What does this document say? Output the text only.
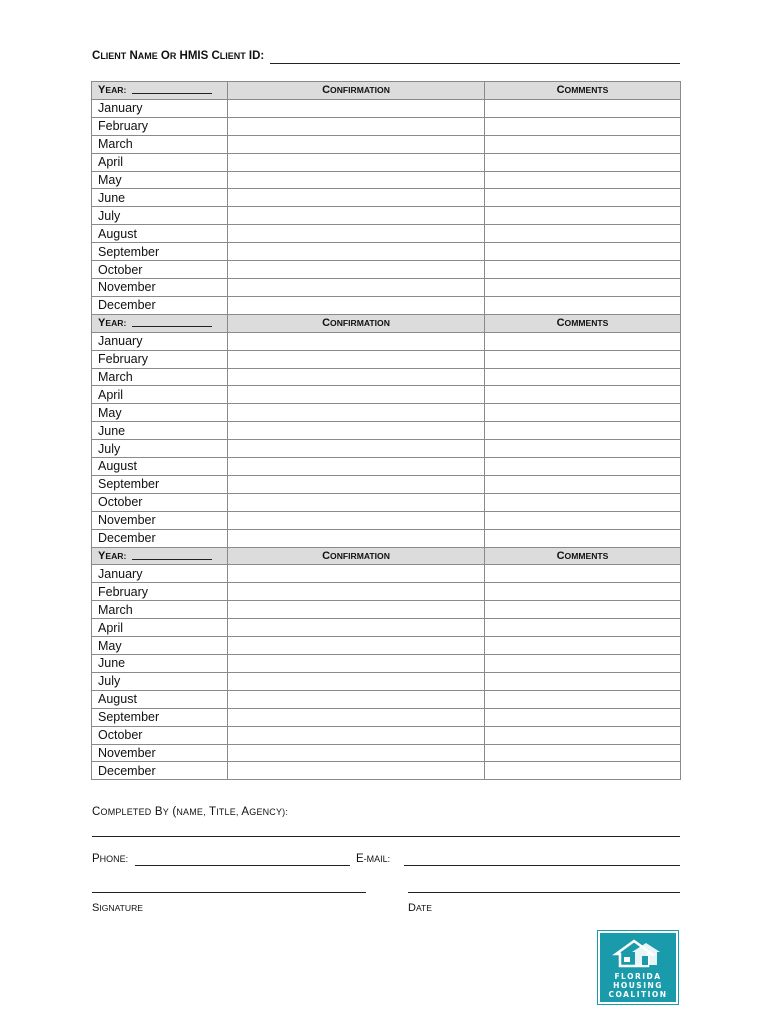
CLIENT NAME OR HMIS CLIENT ID:
YEAR:	CONFIRMATION	COMMENTS
January		
February		
March		
April		
May		
June		
July		
August		
September		
October		
November		
December		
YEAR:	CONFIRMATION	COMMENTS
January		
February		
March		
April		
May		
June		
July		
August		
September		
October		
November		
December		
YEAR:	CONFIRMATION	COMMENTS
January		
February		
March		
April		
May		
June		
July		
August		
September		
October		
November		
December		
COMPLETED BY (NAME, TITLE, AGENCY):
PHONE:	E-MAIL:
SIGNATURE	DATE
FLORIDA
HOUSING
COALITION
